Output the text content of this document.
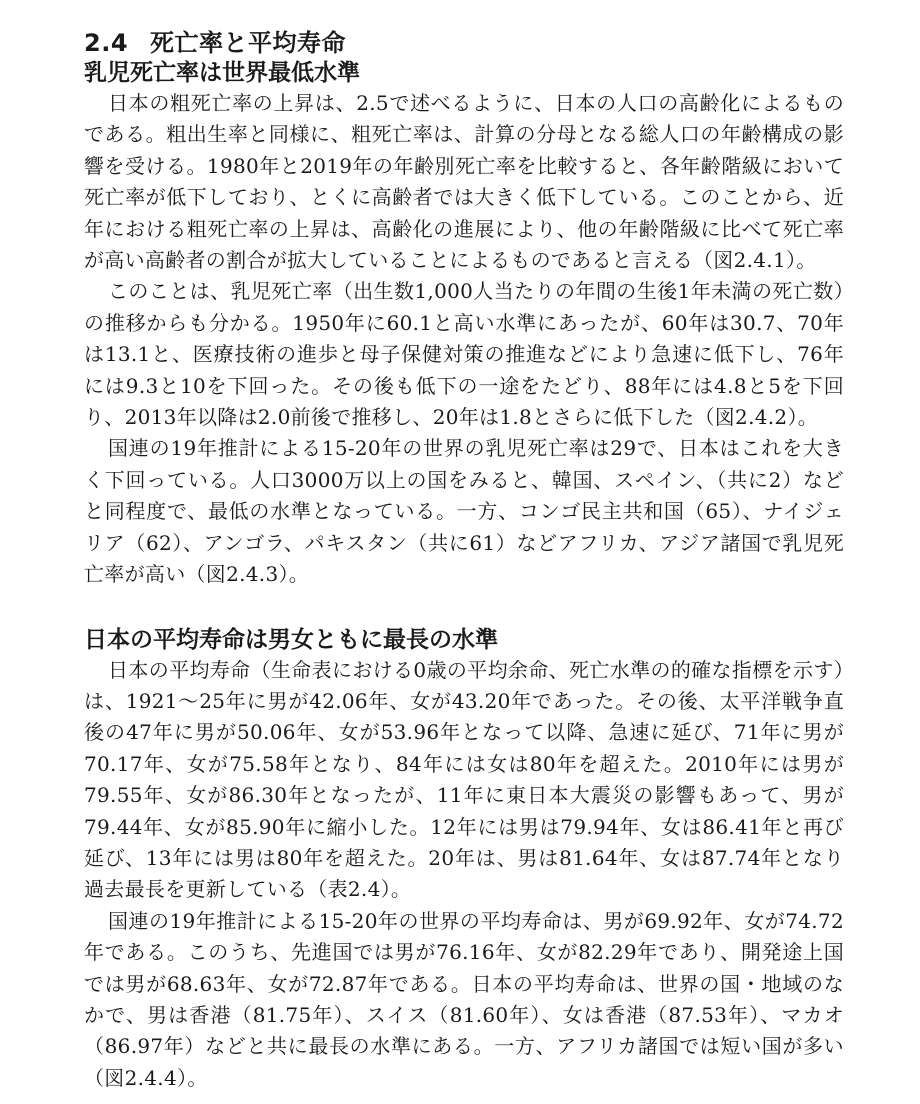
2.4 死亡率と平均寿命
乳児死亡率は世界最低水準

日本の粗死亡率の上昇は、2.5で述べるように、日本の人口の高齢化によるものである。粗出生率と同様に、粗死亡率は、計算の分母となる総人口の年齢構成の影響を受ける。1980年と2019年の年齢別死亡率を比較すると、各年齢階級において死亡率が低下しており、とくに高齢者では大きく低下している。このことから、近年における粗死亡率の上昇は、高齢化の進展により、他の年齢階級に比べて死亡率が高い高齢者の割合が拡大していることによるものであると言える（図2.4.1）。

このことは、乳児死亡率（出生数1,000人当たりの年間の生後1年未満の死亡数）の推移からも分かる。1950年に60.1と高い水準にあったが、60年は30.7、70年は13.1と、医療技術の進歩と母子保健対策の推進などにより急速に低下し、76年には9.3と10を下回った。その後も低下の一途をたどり、88年には4.8と5を下回り、2013年以降は2.0前後で推移し、20年は1.8とさらに低下した（図2.4.2）。

国連の19年推計による15-20年の世界の乳児死亡率は29で、日本はこれを大きく下回っている。人口3000万以上の国をみると、韓国、スペイン、（共に2）などと同程度で、最低の水準となっている。一方、コンゴ民主共和国（65）、ナイジェリア（62）、アンゴラ、パキスタン（共に61）などアフリカ、アジア諸国で乳児死亡率が高い（図2.4.3）。

日本の平均寿命は男女ともに最長の水準

日本の平均寿命（生命表における0歳の平均余命、死亡水準の的確な指標を示す）は、1921～25年に男が42.06年、女が43.20年であった。その後、太平洋戦争直後の47年に男が50.06年、女が53.96年となって以降、急速に延び、71年に男が70.17年、女が75.58年となり、84年には女は80年を超えた。2010年には男が79.55年、女が86.30年となったが、11年に東日本大震災の影響もあって、男が79.44年、女が85.90年に縮小した。12年には男は79.94年、女は86.41年と再び延び、13年には男は80年を超えた。20年は、男は81.64年、女は87.74年となり過去最長を更新している（表2.4）。

国連の19年推計による15-20年の世界の平均寿命は、男が69.92年、女が74.72年である。このうち、先進国では男が76.16年、女が82.29年であり、開発途上国では男が68.63年、女が72.87年である。日本の平均寿命は、世界の国・地域のなかで、男は香港（81.75年）、スイス（81.60年）、女は香港（87.53年）、マカオ（86.97年）などと共に最長の水準にある。一方、アフリカ諸国では短い国が多い（図2.4.4）。
